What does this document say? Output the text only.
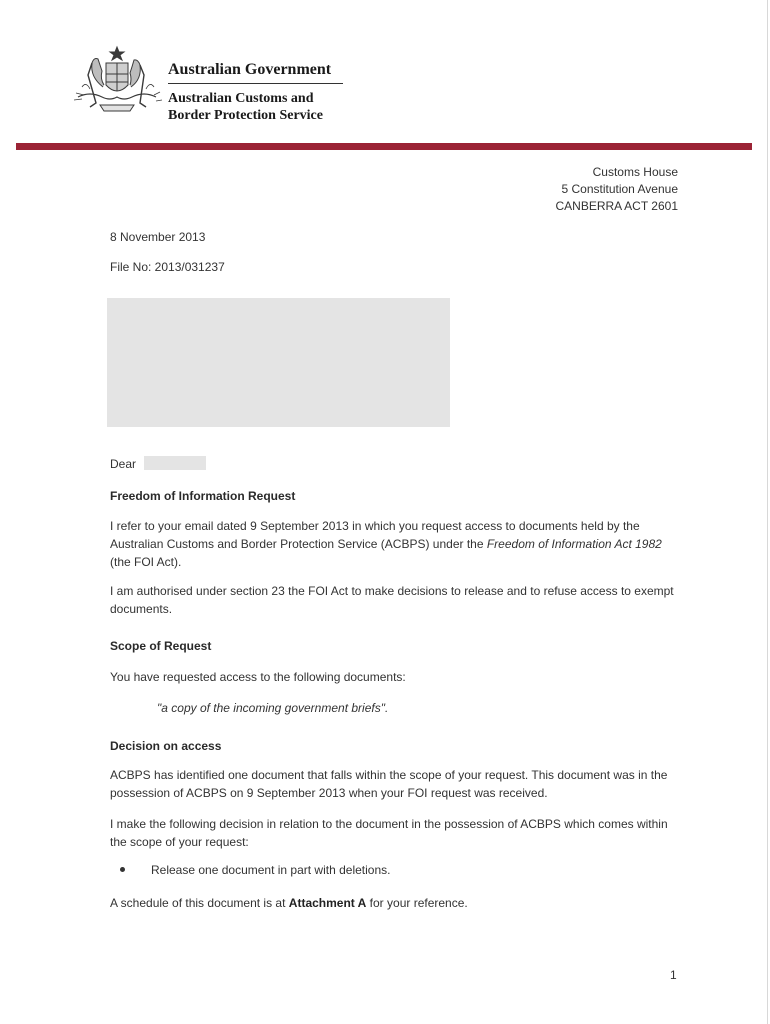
Australian Government
Australian Customs and
Border Protection Service
Customs House
5 Constitution Avenue
CANBERRA ACT 2601
8 November 2013
File No: 2013/031237
Dear
Freedom of Information Request
I refer to your email dated 9 September 2013 in which you request access to documents held by the Australian Customs and Border Protection Service (ACBPS) under the Freedom of Information Act 1982 (the FOI Act).
I am authorised under section 23 the FOI Act to make decisions to release and to refuse access to exempt documents.
Scope of Request
You have requested access to the following documents:
"a copy of the incoming government briefs".
Decision on access
ACBPS has identified one document that falls within the scope of your request. This document was in the possession of ACBPS on 9 September 2013 when your FOI request was received.
I make the following decision in relation to the document in the possession of ACBPS which comes within the scope of your request:
Release one document in part with deletions.
A schedule of this document is at Attachment A for your reference.
1
